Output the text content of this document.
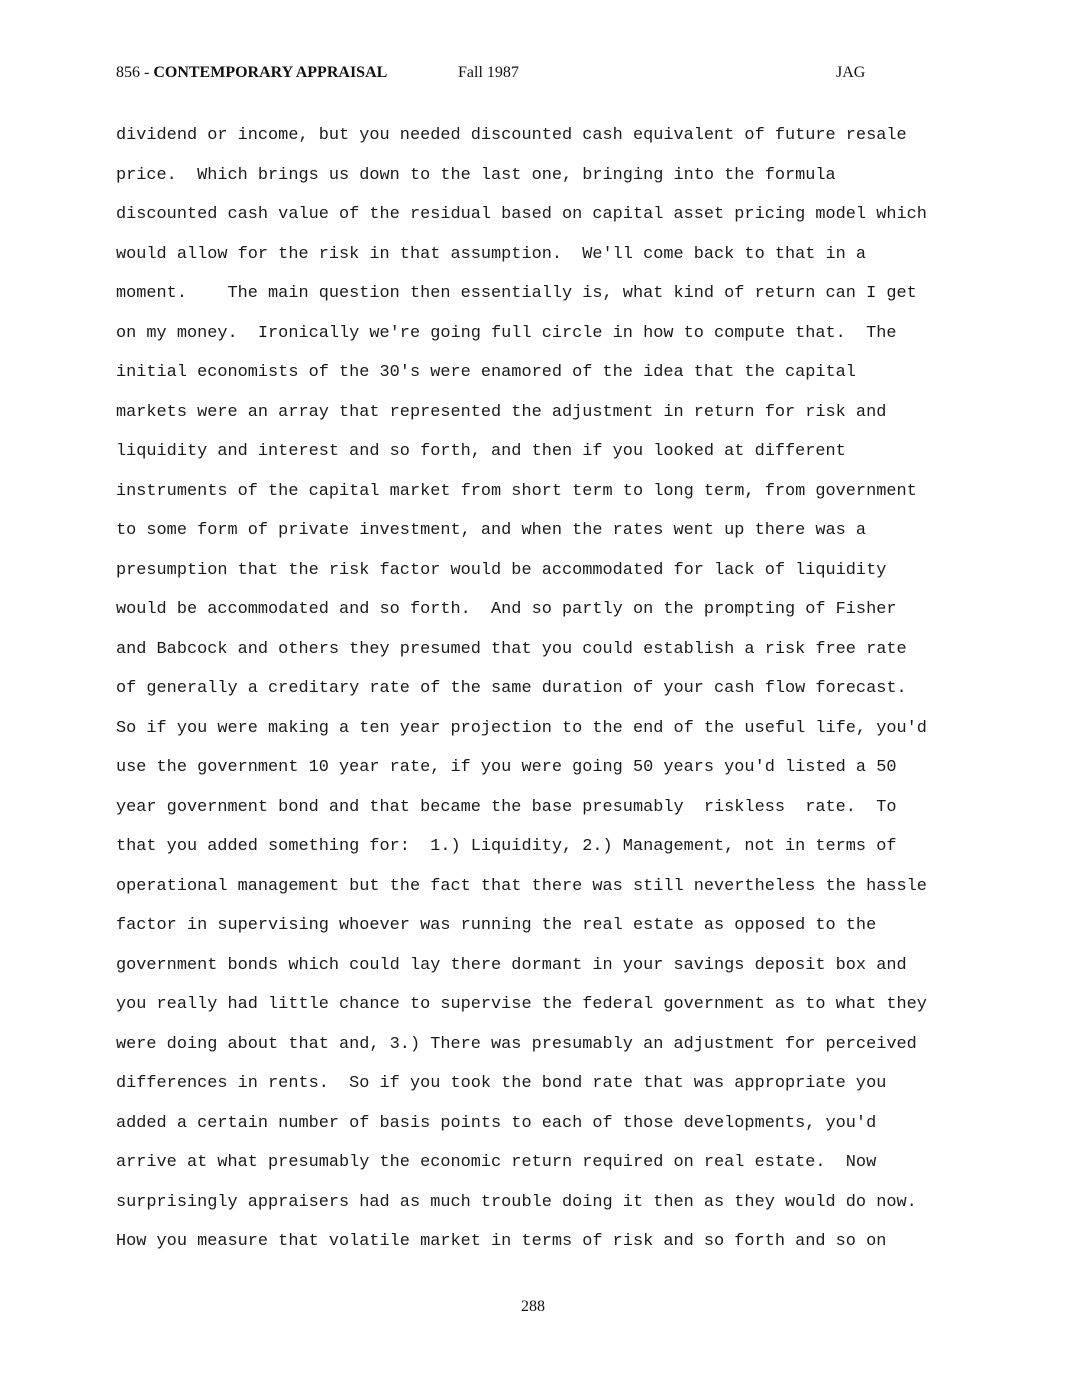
856 - CONTEMPORARY APPRAISAL	Fall 1987	JAG
dividend or income, but you needed discounted cash equivalent of future resale
price.  Which brings us down to the last one, bringing into the formula
discounted cash value of the residual based on capital asset pricing model which
would allow for the risk in that assumption.  We'll come back to that in a
moment.    The main question then essentially is, what kind of return can I get
on my money.  Ironically we're going full circle in how to compute that.  The
initial economists of the 30's were enamored of the idea that the capital
markets were an array that represented the adjustment in return for risk and
liquidity and interest and so forth, and then if you looked at different
instruments of the capital market from short term to long term, from government
to some form of private investment, and when the rates went up there was a
presumption that the risk factor would be accommodated for lack of liquidity
would be accommodated and so forth.  And so partly on the prompting of Fisher
and Babcock and others they presumed that you could establish a risk free rate
of generally a creditary rate of the same duration of your cash flow forecast.
So if you were making a ten year projection to the end of the useful life, you'd
use the government 10 year rate, if you were going 50 years you'd listed a 50
year government bond and that became the base presumably  riskless  rate.  To
that you added something for:  1.) Liquidity, 2.) Management, not in terms of
operational management but the fact that there was still nevertheless the hassle
factor in supervising whoever was running the real estate as opposed to the
government bonds which could lay there dormant in your savings deposit box and
you really had little chance to supervise the federal government as to what they
were doing about that and, 3.) There was presumably an adjustment for perceived
differences in rents.  So if you took the bond rate that was appropriate you
added a certain number of basis points to each of those developments, you'd
arrive at what presumably the economic return required on real estate.  Now
surprisingly appraisers had as much trouble doing it then as they would do now.
How you measure that volatile market in terms of risk and so forth and so on
288
